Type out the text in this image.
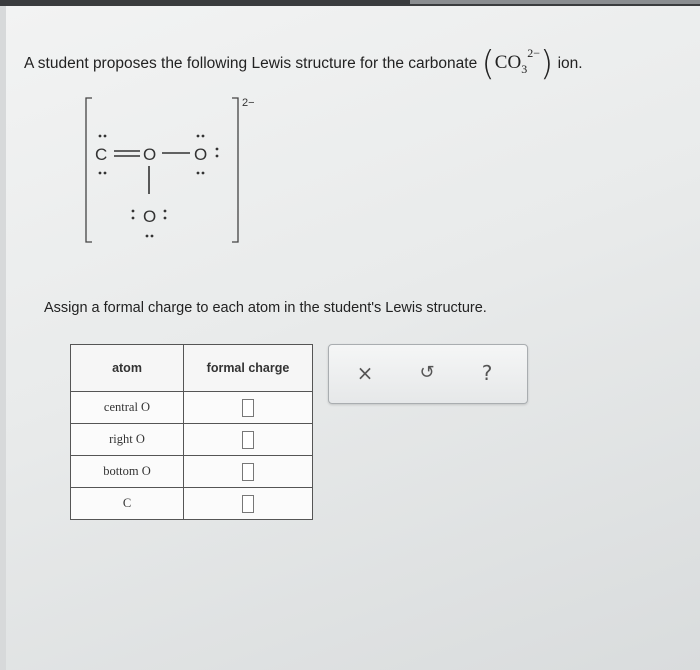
A student proposes the following Lewis structure for the carbonate $(CO_3^{2-})$ ion.
2−
C O O
O
Assign a formal charge to each atom in the student's Lewis structure.
atom	formal charge
central O	
right O	
bottom O	
C	
×	↺	?
